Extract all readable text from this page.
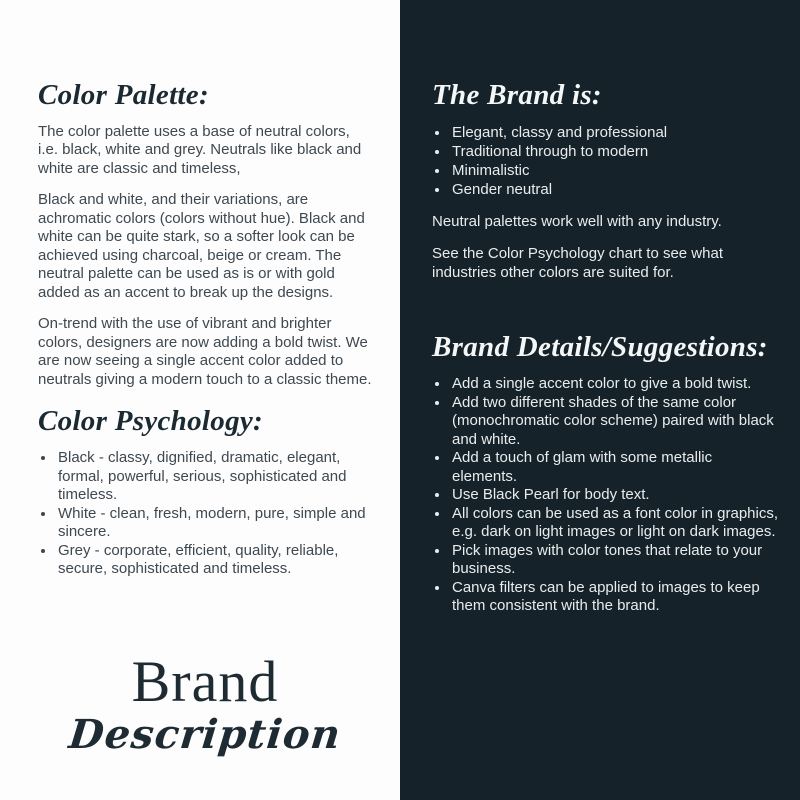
The Brand is:
• Elegant, classy and professional
• Traditional through to modern
• Minimalistic
• Gender neutral

Neutral palettes work well with any industry.

See the Color Psychology chart to see what industries other colors are suited for.

Brand Details/Suggestions:
• Add a single accent color to give a bold twist.
• Add two different shades of the same color (monochromatic color scheme) paired with black and white.
• Add a touch of glam with some metallic elements.
• Use Black Pearl for body text.
• All colors can be used as a font color in graphics, e.g. dark on light images or light on dark images.
• Pick images with color tones that relate to your business.
• Canva filters can be applied to images to keep them consistent with the brand.
Color Palette:

The color palette uses a base of neutral colors, i.e. black, white and grey. Neutrals like black and white are classic and timeless,

Black and white, and their variations, are achromatic colors (colors without hue). Black and white can be quite stark, so a softer look can be achieved using charcoal, beige or cream. The neutral palette can be used as is or with gold added as an accent to break up the designs.

On-trend with the use of vibrant and brighter colors, designers are now adding a bold twist. We are now seeing a single accent color added to neutrals giving a modern touch to a classic theme.

Color Psychology:
• Black - classy, dignified, dramatic, elegant, formal, powerful, serious, sophisticated and timeless.
• White - clean, fresh, modern, pure, simple and sincere.
• Grey - corporate, efficient, quality, reliable, secure, sophisticated and timeless.
Brand
Description
